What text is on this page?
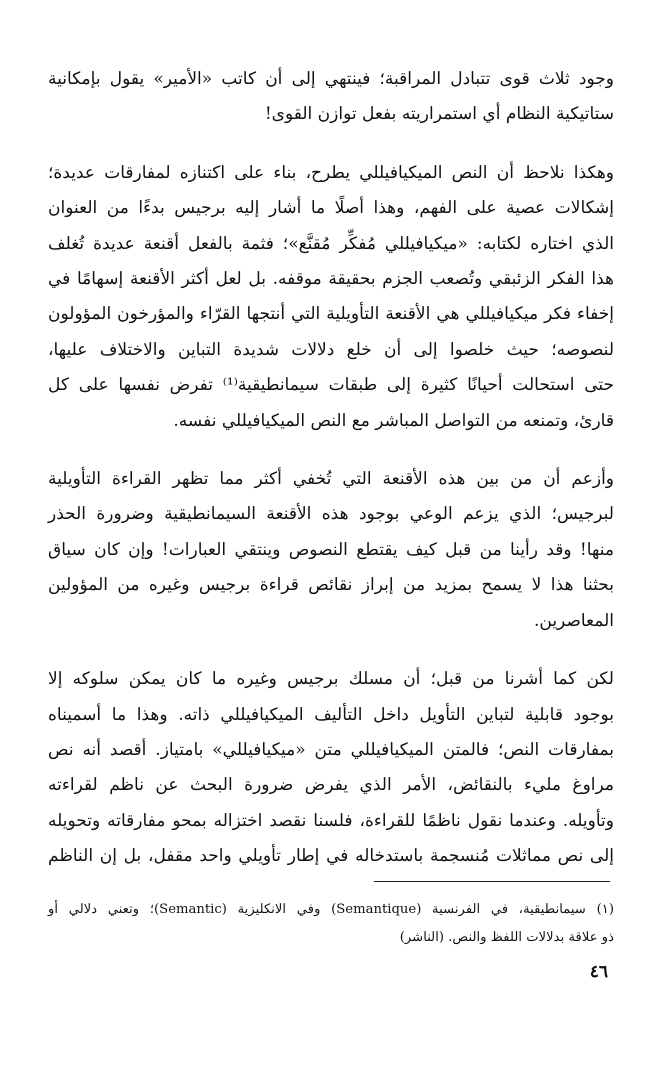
وجود ثلاث قوى تتبادل المراقبة؛ فينتهي إلى أن كاتب «الأمير» يقول بإمكانية
ستاتيكية النظام أي استمراريته بفعل توازن القوى!

وهكذا نلاحظ أن النص الميكيافيللي يطرح، بناء على اكتنازه لمفارقات عديدة؛
إشكالات عصية على الفهم، وهذا أصلًا ما أشار إليه برجيس بدءًا من العنوان
الذي اختاره لكتابه: «ميكيافيللي مُفكِّر مُقنَّع»؛ فثمة بالفعل أقنعة عديدة تُغلف
هذا الفكر الزئبقي وتُصعب الجزم بحقيقة موقفه. بل لعل أكثر الأقنعة إسهامًا في
إخفاء فكر ميكيافيللي هي الأقنعة التأويلية التي أنتجها القرّاء والمؤرخون المؤولون
لنصوصه؛ حيث خلصوا إلى أن خلع دلالات شديدة التباين والاختلاف عليها،
حتى استحالت أحيانًا كثيرة إلى طبقات سيمانطيقية⁽¹⁾ تفرض نفسها على كل
قارئ، وتمنعه من التواصل المباشر مع النص الميكيافيللي نفسه.

وأزعم أن من بين هذه الأقنعة التي تُخفي أكثر مما تظهر القراءة التأويلية
لبرجيس؛ الذي يزعم الوعي بوجود هذه الأقنعة السيمانطيقية وضرورة الحذر
منها! وقد رأينا من قبل كيف يقتطع النصوص وينتقي العبارات! وإن كان سياق
بحثنا هذا لا يسمح بمزيد من إبراز نقائص قراءة برجيس وغيره من المؤولين
المعاصرين.

لكن كما أشرنا من قبل؛ أن مسلك برجيس وغيره ما كان يمكن سلوكه إلا
بوجود قابلية لتباين التأويل داخل التأليف الميكيافيللي ذاته. وهذا ما أسميناه
بمفارقات النص؛ فالمتن الميكيافيللي متن «ميكيافيللي» بامتياز. أقصد أنه نص
مراوغ مليء بالنقائض، الأمر الذي يفرض ضرورة البحث عن ناظم لقراءته
وتأويله. وعندما نقول ناظمًا للقراءة، فلسنا نقصد اختزاله بمحو مفارقاته وتحويله
إلى نص مماثلات مُنسجمة باستدخاله في إطار تأويلي واحد مقفل، بل إن الناظم

(١) سيمانطيقية، في الفرنسية (Semantique) وفي الانكليزية (Semantic)؛ وتعني دلالي أو
ذو علاقة بدلالات اللفظ والنص. (الناشر)
٤٦
